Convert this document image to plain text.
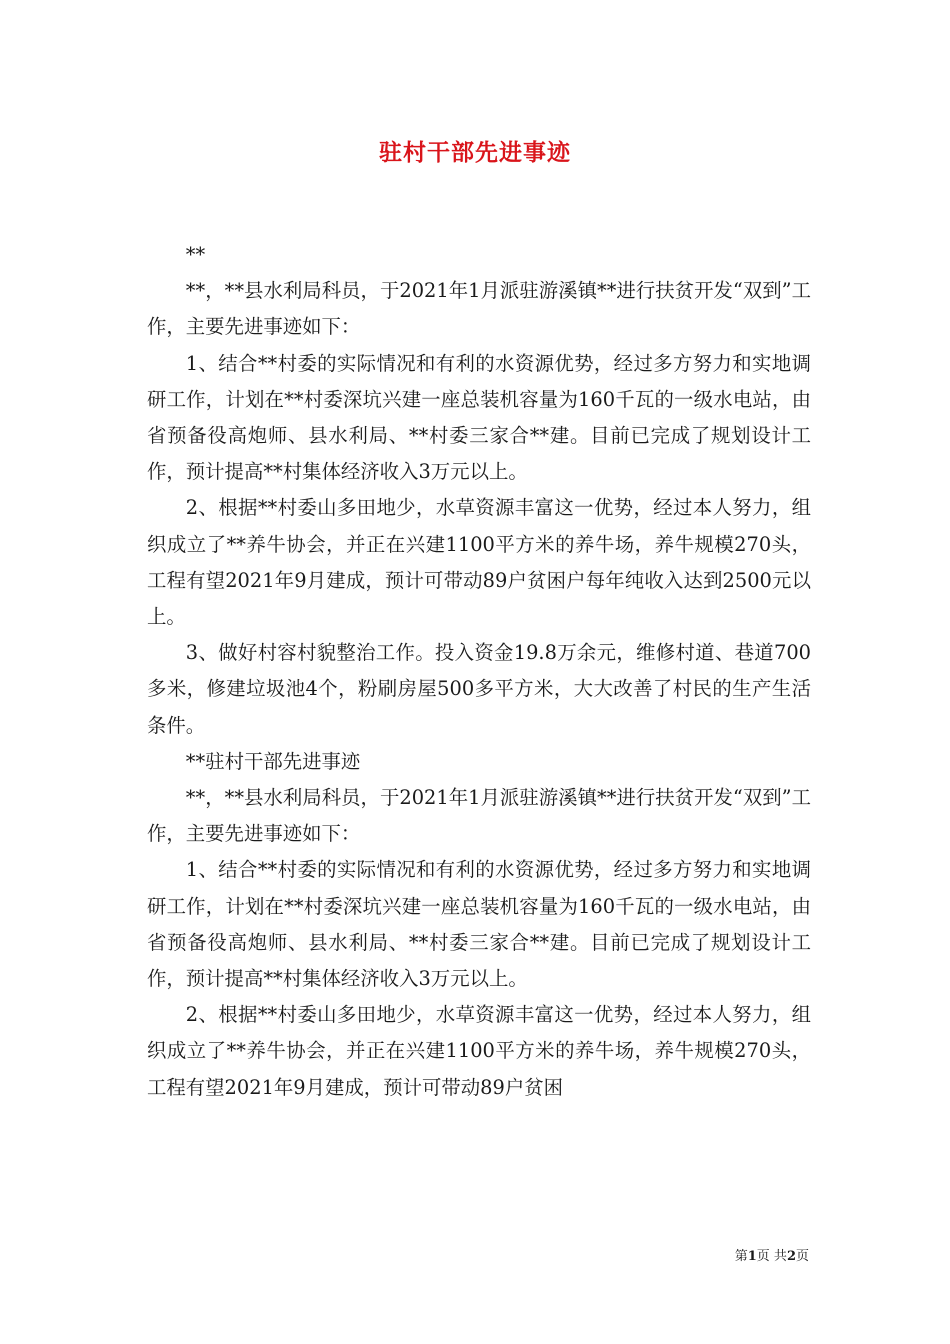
驻村干部先进事迹

**

**，**县水利局科员，于2021年1月派驻游溪镇**进行扶贫开发“双到”工作，主要先进事迹如下：

1、结合**村委的实际情况和有利的水资源优势，经过多方努力和实地调研工作，计划在**村委深坑兴建一座总装机容量为160千瓦的一级水电站，由省预备役高炮师、县水利局、**村委三家合**建。目前已完成了规划设计工作，预计提高**村集体经济收入3万元以上。

2、根据**村委山多田地少，水草资源丰富这一优势，经过本人努力，组织成立了**养牛协会，并正在兴建1100平方米的养牛场，养牛规模270头，工程有望2021年9月建成，预计可带动89户贫困户每年纯收入达到2500元以上。

3、做好村容村貌整治工作。投入资金19.8万余元，维修村道、巷道700多米，修建垃圾池4个，粉刷房屋500多平方米，大大改善了村民的生产生活条件。

**驻村干部先进事迹

**，**县水利局科员，于2021年1月派驻游溪镇**进行扶贫开发“双到”工作，主要先进事迹如下：

1、结合**村委的实际情况和有利的水资源优势，经过多方努力和实地调研工作，计划在**村委深坑兴建一座总装机容量为160千瓦的一级水电站，由省预备役高炮师、县水利局、**村委三家合**建。目前已完成了规划设计工作，预计提高**村集体经济收入3万元以上。

2、根据**村委山多田地少，水草资源丰富这一优势，经过本人努力，组织成立了**养牛协会，并正在兴建1100平方米的养牛场，养牛规模270头，工程有望2021年9月建成，预计可带动89户贫困

第1页 共2页
